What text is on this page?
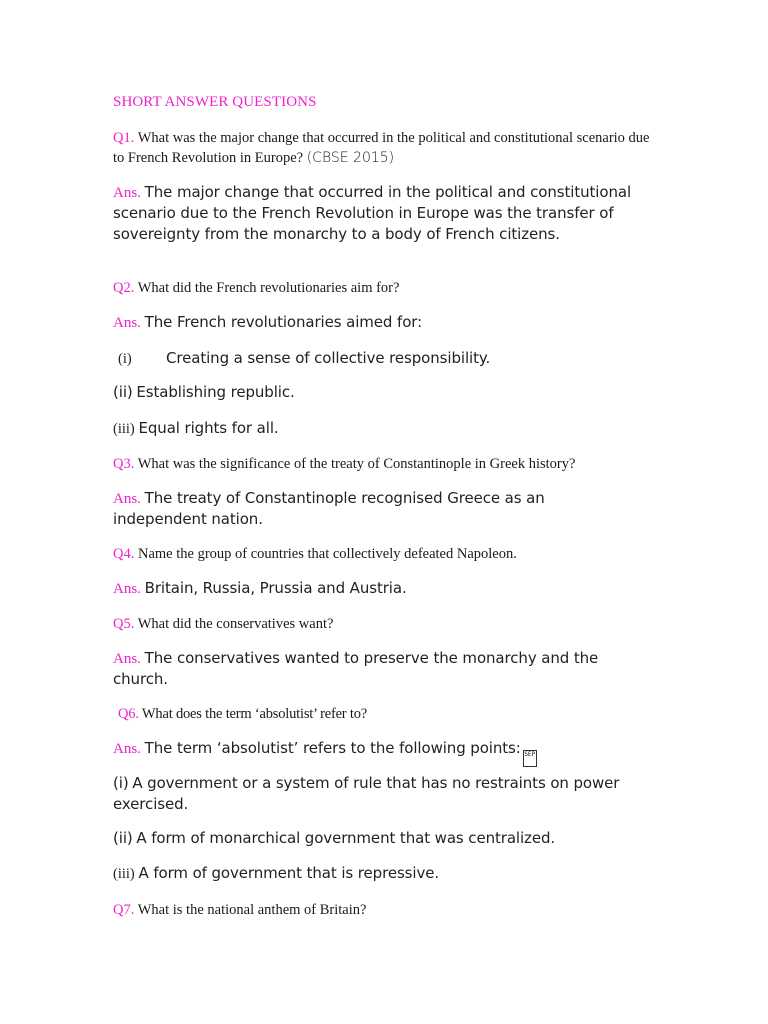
SHORT ANSWER QUESTIONS

Q1. What was the major change that occurred in the political and constitutional scenario due to French Revolution in Europe? (CBSE 2015)

Ans. The major change that occurred in the political and constitutional scenario due to the French Revolution in Europe was the transfer of sovereignty from the monarchy to a body of French citizens.

Q2. What did the French revolutionaries aim for?

Ans. The French revolutionaries aimed for:

(i) Creating a sense of collective responsibility.

(ii) Establishing republic.

(iii) Equal rights for all.

Q3. What was the significance of the treaty of Constantinople in Greek history?

Ans. The treaty of Constantinople recognised Greece as an independent nation.

Q4. Name the group of countries that collectively defeated Napoleon.

Ans. Britain, Russia, Prussia and Austria.

Q5. What did the conservatives want?

Ans. The conservatives wanted to preserve the monarchy and the church.

Q6. What does the term ‘absolutist’ refer to?

Ans. The term ‘absolutist’ refers to the following points: SEP

(i) A government or a system of rule that has no restraints on power exercised.

(ii) A form of monarchical government that was centralized.

(iii) A form of government that is repressive.

Q7. What is the national anthem of Britain?
